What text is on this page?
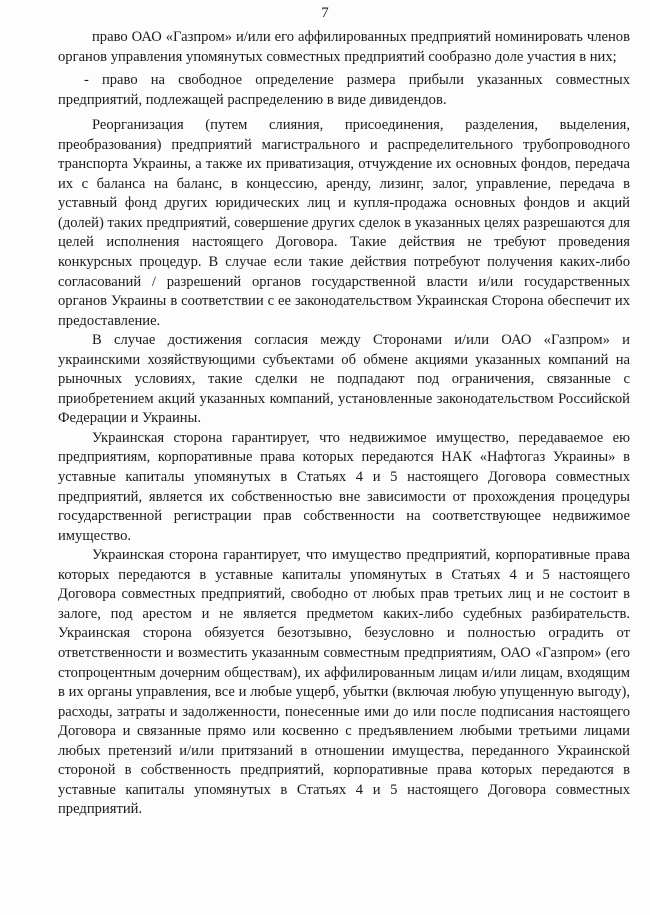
7

право ОАО «Газпром» и/или его аффилированных предприятий номинировать членов органов управления упомянутых совместных предприятий сообразно доле участия в них;

- право на свободное определение размера прибыли указанных совместных предприятий, подлежащей распределению в виде дивидендов.

Реорганизация (путем слияния, присоединения, разделения, выделения, преобразования) предприятий магистрального и распределительного трубопроводного транспорта Украины, а также их приватизация, отчуждение их основных фондов, передача их с баланса на баланс, в концессию, аренду, лизинг, залог, управление, передача в уставный фонд других юридических лиц и купля-продажа основных фондов и акций (долей) таких предприятий, совершение других сделок в указанных целях разрешаются для целей исполнения настоящего Договора. Такие действия не требуют проведения конкурсных процедур. В случае если такие действия потребуют получения каких-либо согласований / разрешений органов государственной власти и/или государственных органов Украины в соответствии с ее законодательством Украинская Сторона обеспечит их предоставление.

В случае достижения согласия между Сторонами и/или ОАО «Газпром» и украинскими хозяйствующими субъектами об обмене акциями указанных компаний на рыночных условиях, такие сделки не подпадают под ограничения, связанные с приобретением акций указанных компаний, установленные законодательством Российской Федерации и Украины.

Украинская сторона гарантирует, что недвижимое имущество, передаваемое ею предприятиям, корпоративные права которых передаются НАК «Нафтогаз Украины» в уставные капиталы упомянутых в Статьях 4 и 5 настоящего Договора совместных предприятий, является их собственностью вне зависимости от прохождения процедуры государственной регистрации прав собственности на соответствующее недвижимое имущество.

Украинская сторона гарантирует, что имущество предприятий, корпоративные права которых передаются в уставные капиталы упомянутых в Статьях 4 и 5 настоящего Договора совместных предприятий, свободно от любых прав третьих лиц и не состоит в залоге, под арестом и не является предметом каких-либо судебных разбирательств. Украинская сторона обязуется безотзывно, безусловно и полностью оградить от ответственности и возместить указанным совместным предприятиям, ОАО «Газпром» (его стопроцентным дочерним обществам), их аффилированным лицам и/или лицам, входящим в их органы управления, все и любые ущерб, убытки (включая любую упущенную выгоду), расходы, затраты и задолженности, понесенные ими до или после подписания настоящего Договора и связанные прямо или косвенно с предъявлением любыми третьими лицами любых претензий и/или притязаний в отношении имущества, переданного Украинской стороной в собственность предприятий, корпоративные права которых передаются в уставные капиталы упомянутых в Статьях 4 и 5 настоящего Договора совместных предприятий.
